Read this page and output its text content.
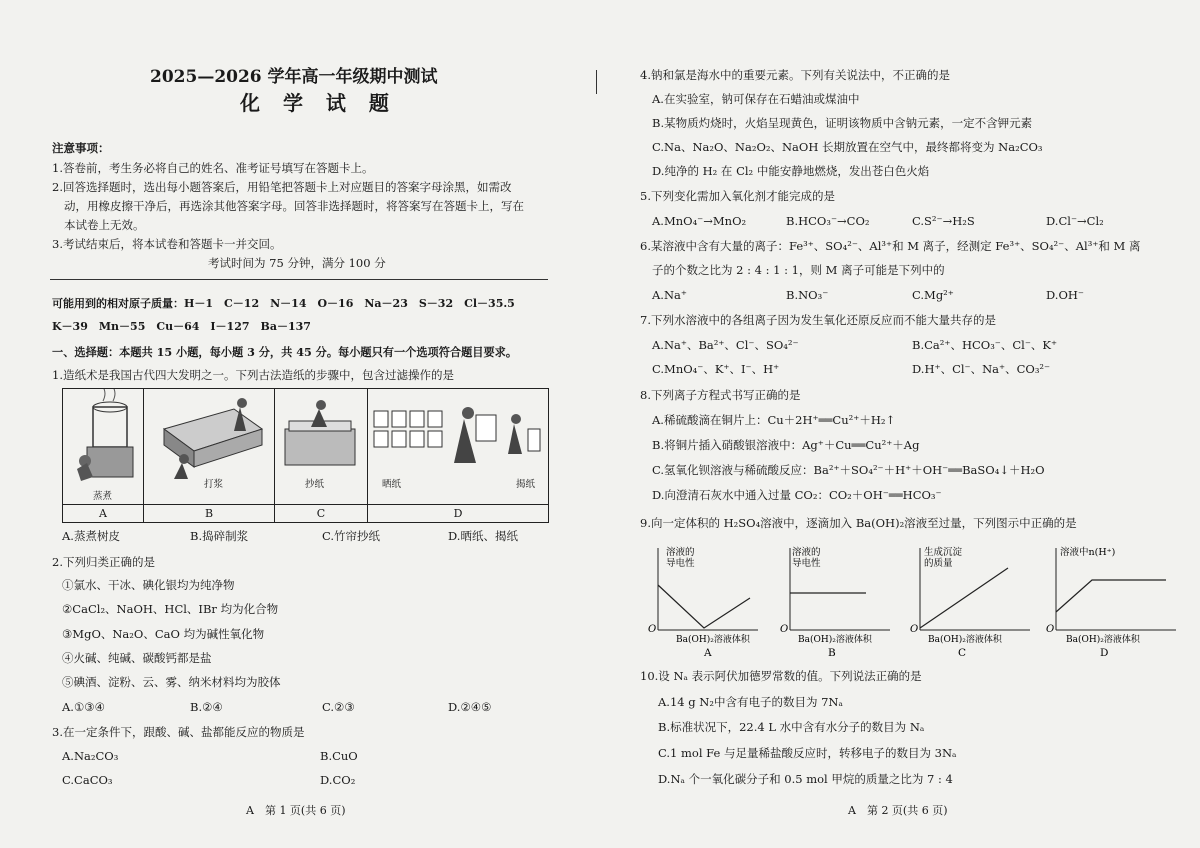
2025—2026 学年高一年级期中测试
化 学 试 题
注意事项：
1.答卷前，考生务必将自己的姓名、准考证号填写在答题卡上。
2.回答选择题时，选出每小题答案后，用铅笔把答题卡上对应题目的答案字母涂黑，如需改
动，用橡皮擦干净后，再选涂其他答案字母。回答非选择题时，将答案写在答题卡上，写在
本试卷上无效。
3.考试结束后，将本试卷和答题卡一并交回。
考试时间为 75 分钟，满分 100 分
可能用到的相对原子质量：H－1　C－12　N－14　O－16　Na－23　S－32　Cl－35.5
K－39　Mn－55　Cu－64　I－127　Ba－137
一、选择题：本题共 15 小题，每小题 3 分，共 45 分。每小题只有一个选项符合题目要求。
1.造纸术是我国古代四大发明之一。下列古法造纸的步骤中，包含过滤操作的是
蒸煮	打浆	抄纸	晒纸 揭纸

A	B	C	D
A.蒸煮树皮	B.捣碎制浆	C.竹帘抄纸	D.晒纸、揭纸
2.下列归类正确的是
①氯水、干冰、碘化银均为纯净物
②CaCl₂、NaOH、HCl、IBr 均为化合物
③MgO、Na₂O、CaO 均为碱性氧化物
④火碱、纯碱、碳酸钙都是盐
⑤碘酒、淀粉、云、雾、纳米材料均为胶体
A.①③④	B.②④	C.②③	D.②④⑤
3.在一定条件下，跟酸、碱、盐都能反应的物质是
A.Na₂CO₃	B.CuO
C.CaCO₃	D.CO₂
A　第 1 页(共 6 页)
4.钠和氯是海水中的重要元素。下列有关说法中，不正确的是
A.在实验室，钠可保存在石蜡油或煤油中
B.某物质灼烧时，火焰呈现黄色，证明该物质中含钠元素，一定不含钾元素
C.Na、Na₂O、Na₂O₂、NaOH 长期放置在空气中，最终都将变为 Na₂CO₃
D.纯净的 H₂ 在 Cl₂ 中能安静地燃烧，发出苍白色火焰
5.下列变化需加入氧化剂才能完成的是
A.MnO₄⁻→MnO₂	B.HCO₃⁻→CO₂	C.S²⁻→H₂S	D.Cl⁻→Cl₂
6.某溶液中含有大量的离子：Fe³⁺、SO₄²⁻、Al³⁺和 M 离子，经测定 Fe³⁺、SO₄²⁻、Al³⁺和 M 离
子的个数之比为 2 : 4 : 1 : 1，则 M 离子可能是下列中的
A.Na⁺	B.NO₃⁻	C.Mg²⁺	D.OH⁻
7.下列水溶液中的各组离子因为发生氧化还原反应而不能大量共存的是
A.Na⁺、Ba²⁺、Cl⁻、SO₄²⁻	B.Ca²⁺、HCO₃⁻、Cl⁻、K⁺
C.MnO₄⁻、K⁺、I⁻、H⁺	D.H⁺、Cl⁻、Na⁺、CO₃²⁻
8.下列离子方程式书写正确的是
A.稀硫酸滴在铜片上：Cu＋2H⁺══Cu²⁺＋H₂↑
B.将铜片插入硝酸银溶液中：Ag⁺＋Cu══Cu²⁺＋Ag
C.氢氧化钡溶液与稀硫酸反应：Ba²⁺＋SO₄²⁻＋H⁺＋OH⁻══BaSO₄↓＋H₂O
D.向澄清石灰水中通入过量 CO₂：CO₂＋OH⁻══HCO₃⁻
9.向一定体积的 H₂SO₄溶液中，逐滴加入 Ba(OH)₂溶液至过量，下列图示中正确的是
溶液的导电性
O
Ba(OH)₂溶液体积
A
溶液的导电性
O
Ba(OH)₂溶液体积
B
生成沉淀的质量
O
Ba(OH)₂溶液体积
C
溶液中n(H⁺)
O
Ba(OH)₂溶液体积
D
10.设 Nₐ 表示阿伏加德罗常数的值。下列说法正确的是
A.14 g N₂中含有电子的数目为 7Nₐ
B.标准状况下，22.4 L 水中含有水分子的数目为 Nₐ
C.1 mol Fe 与足量稀盐酸反应时，转移电子的数目为 3Nₐ
D.Nₐ 个一氧化碳分子和 0.5 mol 甲烷的质量之比为 7 : 4
A　第 2 页(共 6 页)
